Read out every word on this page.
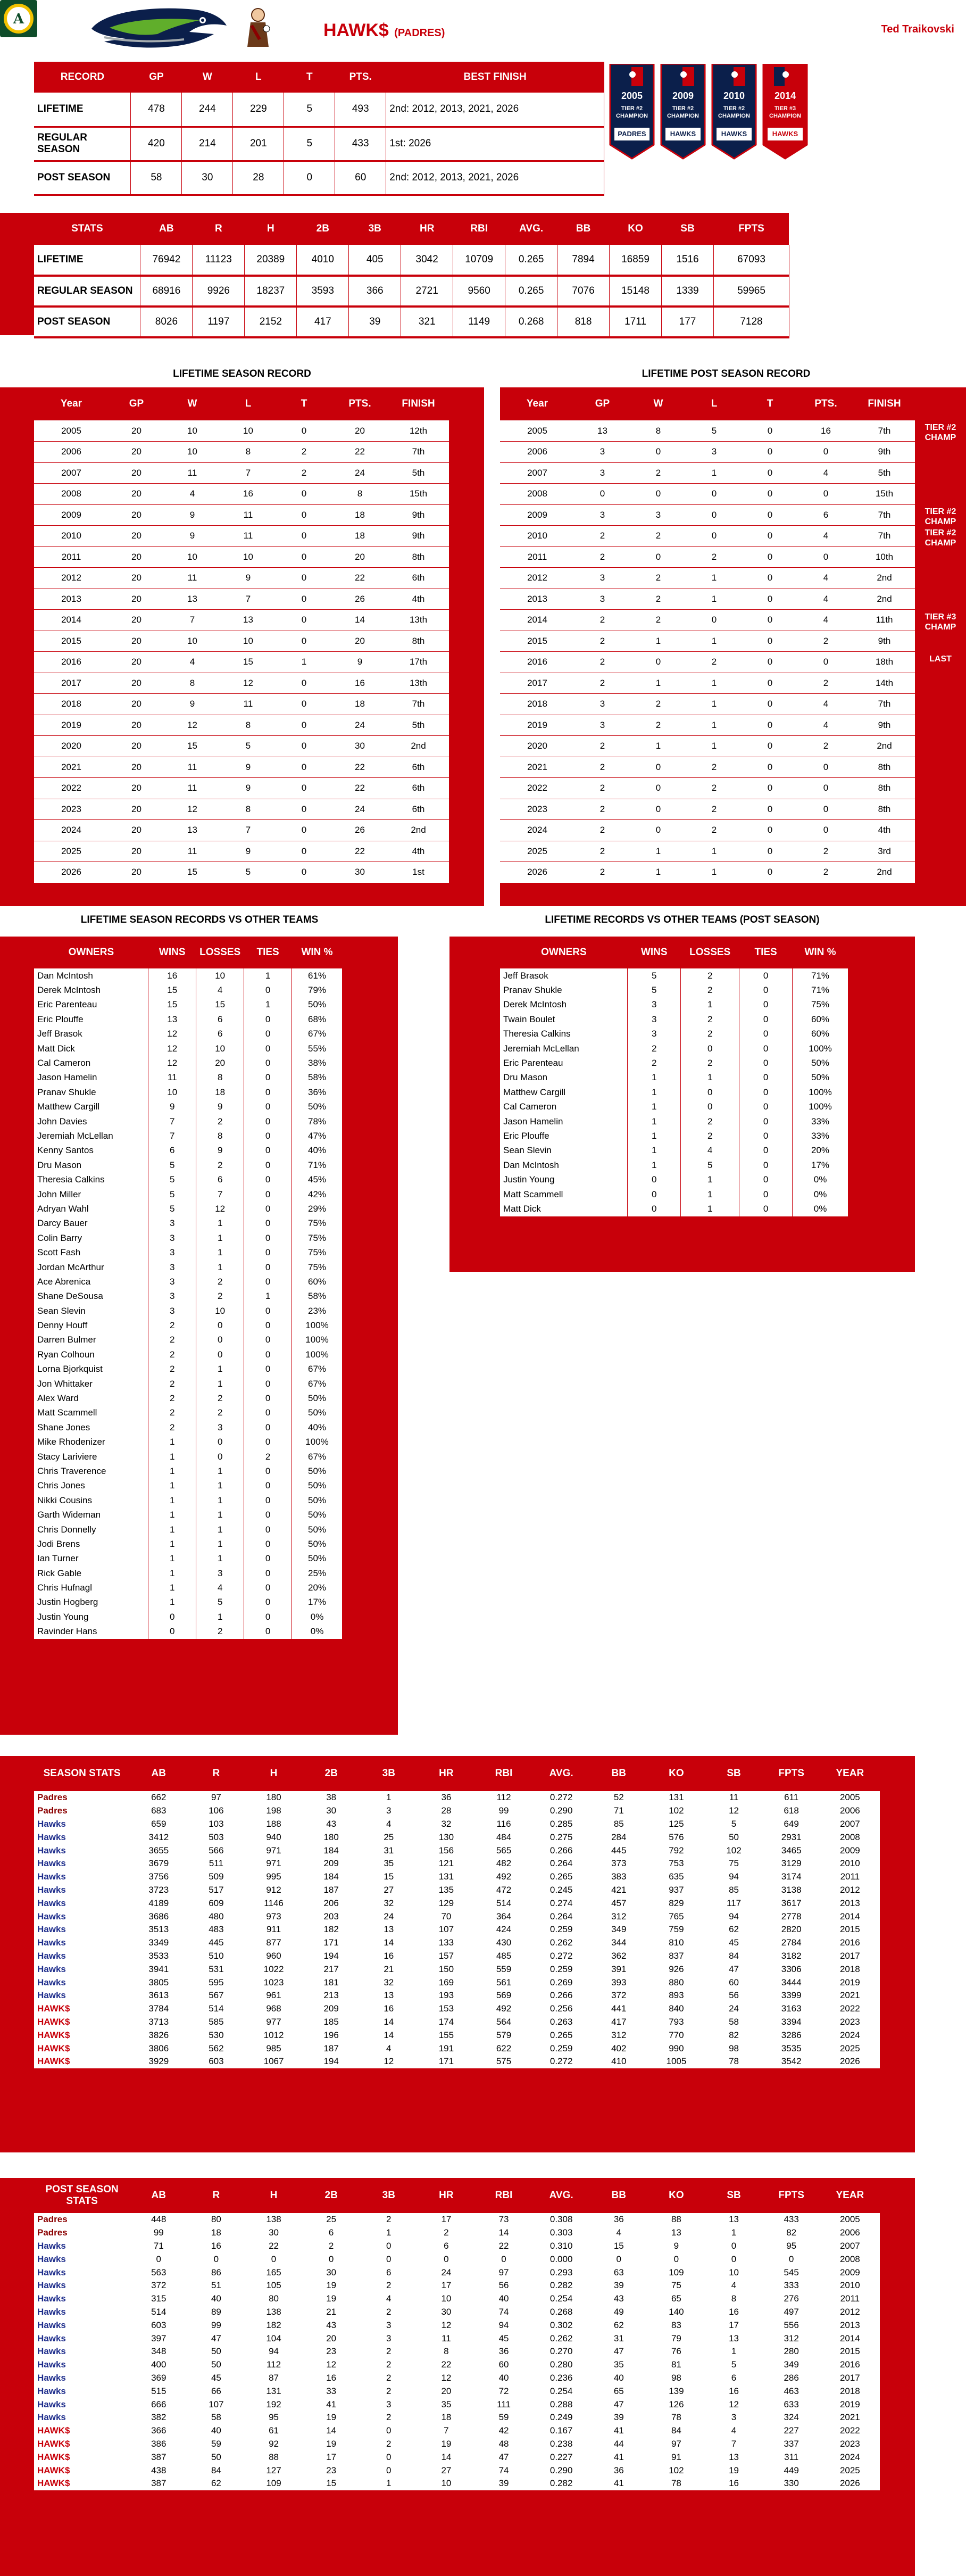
A
HAWK$ (PADRES)	Ted Traikovski
RECORD	GP	W	L	T	PTS.	BEST FINISH
LIFETIME	478	244	229	5	493	2nd: 2012, 2013, 2021, 2026
REGULAR SEASON	420	214	201	5	433	1st: 2026
POST SEASON	58	30	28	0	60	2nd: 2012, 2013, 2021, 2026
2005
TIER #2
CHAMPION
PADRES
2009
TIER #2
CHAMPION
HAWKS
2010
TIER #2
CHAMPION
HAWKS
2014
TIER #3
CHAMPION
HAWKS
STATS	AB	R	H	2B	3B	HR	RBI	AVG.	BB	KO	SB	FPTS
LIFETIME	76942	11123	20389	4010	405	3042	10709	0.265	7894	16859	1516	67093
REGULAR SEASON	68916	9926	18237	3593	366	2721	9560	0.265	7076	15148	1339	59965
POST SEASON	8026	1197	2152	417	39	321	1149	0.268	818	1711	177	7128
LIFETIME SEASON RECORD	LIFETIME POST SEASON RECORD
Year	GP	W	L	T	PTS.	FINISH
2005	20	10	10	0	20	12th
2006	20	10	8	2	22	7th
2007	20	11	7	2	24	5th
2008	20	4	16	0	8	15th
2009	20	9	11	0	18	9th
2010	20	9	11	0	18	9th
2011	20	10	10	0	20	8th
2012	20	11	9	0	22	6th
2013	20	13	7	0	26	4th
2014	20	7	13	0	14	13th
2015	20	10	10	0	20	8th
2016	20	4	15	1	9	17th
2017	20	8	12	0	16	13th
2018	20	9	11	0	18	7th
2019	20	12	8	0	24	5th
2020	20	15	5	0	30	2nd
2021	20	11	9	0	22	6th
2022	20	11	9	0	22	6th
2023	20	12	8	0	24	6th
2024	20	13	7	0	26	2nd
2025	20	11	9	0	22	4th
2026	20	15	5	0	30	1st
Year	GP	W	L	T	PTS.	FINISH
2005	13	8	5	0	16	7th
2006	3	0	3	0	0	9th
2007	3	2	1	0	4	5th
2008	0	0	0	0	0	15th
2009	3	3	0	0	6	7th
2010	2	2	0	0	4	7th
2011	2	0	2	0	0	10th
2012	3	2	1	0	4	2nd
2013	3	2	1	0	4	2nd
2014	2	2	0	0	4	11th
2015	2	1	1	0	2	9th
2016	2	0	2	0	0	18th
2017	2	1	1	0	2	14th
2018	3	2	1	0	4	7th
2019	3	2	1	0	4	9th
2020	2	1	1	0	2	2nd
2021	2	0	2	0	0	8th
2022	2	0	2	0	0	8th
2023	2	0	2	0	0	8th
2024	2	0	2	0	0	4th
2025	2	1	1	0	2	3rd
2026	2	1	1	0	2	2nd
TIER #2 CHAMP
TIER #2 CHAMP
TIER #2 CHAMP
TIER #3 CHAMP
LAST
LIFETIME SEASON RECORDS VS OTHER TEAMS	LIFETIME RECORDS VS OTHER TEAMS (POST SEASON)
OWNERS	WINS	LOSSES	TIES	WIN %
Dan McIntosh	16	10	1	61%
Derek McIntosh	15	4	0	79%
Eric Parenteau	15	15	1	50%
Eric Plouffe	13	6	0	68%
Jeff Brasok	12	6	0	67%
Matt Dick	12	10	0	55%
Cal Cameron	12	20	0	38%
Jason Hamelin	11	8	0	58%
Pranav Shukle	10	18	0	36%
Matthew Cargill	9	9	0	50%
John Davies	7	2	0	78%
Jeremiah McLellan	7	8	0	47%
Kenny Santos	6	9	0	40%
Dru Mason	5	2	0	71%
Theresia Calkins	5	6	0	45%
John Miller	5	7	0	42%
Adryan Wahl	5	12	0	29%
Darcy Bauer	3	1	0	75%
Colin Barry	3	1	0	75%
Scott Fash	3	1	0	75%
Jordan McArthur	3	1	0	75%
Ace Abrenica	3	2	0	60%
Shane DeSousa	3	2	1	58%
Sean Slevin	3	10	0	23%
Denny Houff	2	0	0	100%
Darren Bulmer	2	0	0	100%
Ryan Colhoun	2	0	0	100%
Lorna Bjorkquist	2	1	0	67%
Jon Whittaker	2	1	0	67%
Alex Ward	2	2	0	50%
Matt Scammell	2	2	0	50%
Shane Jones	2	3	0	40%
Mike Rhodenizer	1	0	0	100%
Stacy Lariviere	1	0	2	67%
Chris Traverence	1	1	0	50%
Chris Jones	1	1	0	50%
Nikki Cousins	1	1	0	50%
Garth Wideman	1	1	0	50%
Chris Donnelly	1	1	0	50%
Jodi Brens	1	1	0	50%
Ian Turner	1	1	0	50%
Rick Gable	1	3	0	25%
Chris Hufnagl	1	4	0	20%
Justin Hogberg	1	5	0	17%
Justin Young	0	1	0	0%
Ravinder Hans	0	2	0	0%
OWNERS	WINS	LOSSES	TIES	WIN %
Jeff Brasok	5	2	0	71%
Pranav Shukle	5	2	0	71%
Derek McIntosh	3	1	0	75%
Twain Boulet	3	2	0	60%
Theresia Calkins	3	2	0	60%
Jeremiah McLellan	2	0	0	100%
Eric Parenteau	2	2	0	50%
Dru Mason	1	1	0	50%
Matthew Cargill	1	0	0	100%
Cal Cameron	1	0	0	100%
Jason Hamelin	1	2	0	33%
Eric Plouffe	1	2	0	33%
Sean Slevin	1	4	0	20%
Dan McIntosh	1	5	0	17%
Justin Young	0	1	0	0%
Matt Scammell	0	1	0	0%
Matt Dick	0	1	0	0%
SEASON STATS	AB	R	H	2B	3B	HR	RBI	AVG.	BB	KO	SB	FPTS	YEAR
Padres	662	97	180	38	1	36	112	0.272	52	131	11	611	2005
Padres	683	106	198	30	3	28	99	0.290	71	102	12	618	2006
Hawks	659	103	188	43	4	32	116	0.285	85	125	5	649	2007
Hawks	3412	503	940	180	25	130	484	0.275	284	576	50	2931	2008
Hawks	3655	566	971	184	31	156	565	0.266	445	792	102	3465	2009
Hawks	3679	511	971	209	35	121	482	0.264	373	753	75	3129	2010
Hawks	3756	509	995	184	15	131	492	0.265	383	635	94	3174	2011
Hawks	3723	517	912	187	27	135	472	0.245	421	937	85	3138	2012
Hawks	4189	609	1146	206	32	129	514	0.274	457	829	117	3617	2013
Hawks	3686	480	973	203	24	70	364	0.264	312	765	94	2778	2014
Hawks	3513	483	911	182	13	107	424	0.259	349	759	62	2820	2015
Hawks	3349	445	877	171	14	133	430	0.262	344	810	45	2784	2016
Hawks	3533	510	960	194	16	157	485	0.272	362	837	84	3182	2017
Hawks	3941	531	1022	217	21	150	559	0.259	391	926	47	3306	2018
Hawks	3805	595	1023	181	32	169	561	0.269	393	880	60	3444	2019
Hawks	3613	567	961	213	13	193	569	0.266	372	893	56	3399	2021
HAWK$	3784	514	968	209	16	153	492	0.256	441	840	24	3163	2022
HAWK$	3713	585	977	185	14	174	564	0.263	417	793	58	3394	2023
HAWK$	3826	530	1012	196	14	155	579	0.265	312	770	82	3286	2024
HAWK$	3806	562	985	187	4	191	622	0.259	402	990	98	3535	2025
HAWK$	3929	603	1067	194	12	171	575	0.272	410	1005	78	3542	2026
POST SEASON STATS	AB	R	H	2B	3B	HR	RBI	AVG.	BB	KO	SB	FPTS	YEAR
Padres	448	80	138	25	2	17	73	0.308	36	88	13	433	2005
Padres	99	18	30	6	1	2	14	0.303	4	13	1	82	2006
Hawks	71	16	22	2	0	6	22	0.310	15	9	0	95	2007
Hawks	0	0	0	0	0	0	0	0.000	0	0	0	0	2008
Hawks	563	86	165	30	6	24	97	0.293	63	109	10	545	2009
Hawks	372	51	105	19	2	17	56	0.282	39	75	4	333	2010
Hawks	315	40	80	19	4	10	40	0.254	43	65	8	276	2011
Hawks	514	89	138	21	2	30	74	0.268	49	140	16	497	2012
Hawks	603	99	182	43	3	12	94	0.302	62	83	17	556	2013
Hawks	397	47	104	20	3	11	45	0.262	31	79	13	312	2014
Hawks	348	50	94	23	2	8	36	0.270	47	76	1	280	2015
Hawks	400	50	112	12	2	22	60	0.280	35	81	5	349	2016
Hawks	369	45	87	16	2	12	40	0.236	40	98	6	286	2017
Hawks	515	66	131	33	2	20	72	0.254	65	139	16	463	2018
Hawks	666	107	192	41	3	35	111	0.288	47	126	12	633	2019
Hawks	382	58	95	19	2	18	59	0.249	39	78	3	324	2021
HAWK$	366	40	61	14	0	7	42	0.167	41	84	4	227	2022
HAWK$	386	59	92	19	2	19	48	0.238	44	97	7	337	2023
HAWK$	387	50	88	17	0	14	47	0.227	41	91	13	311	2024
HAWK$	438	84	127	23	0	27	74	0.290	36	102	19	449	2025
HAWK$	387	62	109	15	1	10	39	0.282	41	78	16	330	2026
